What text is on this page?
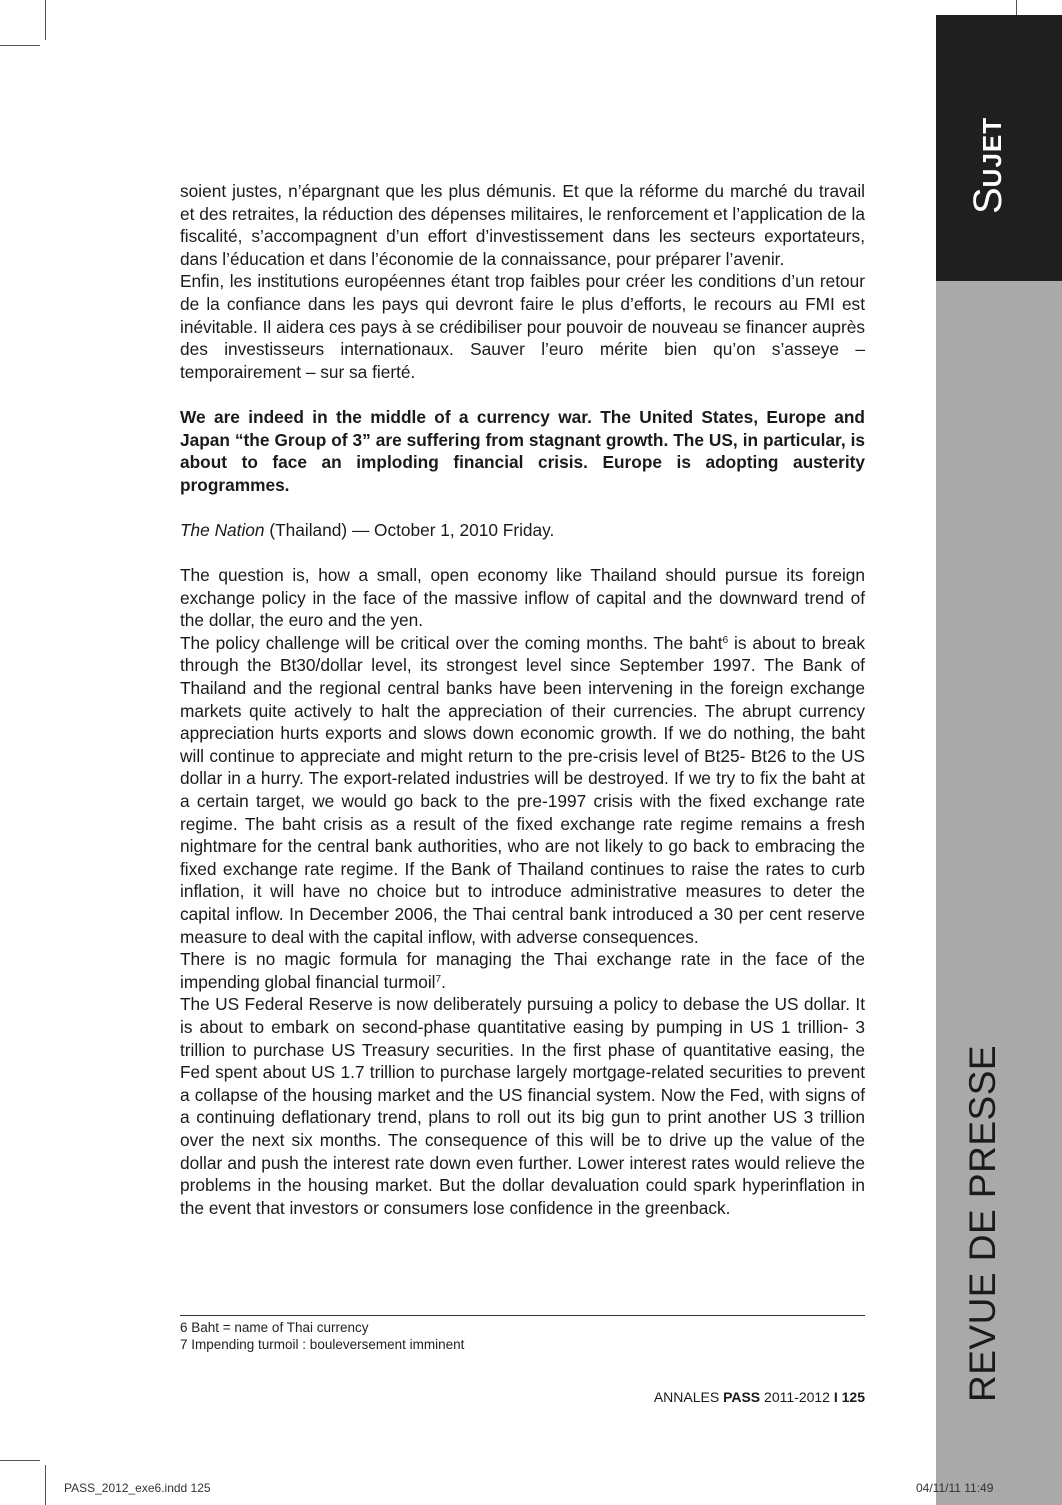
SUJET
REVUE DE PRESSE

soient justes, n’épargnant que les plus démunis. Et que la réforme du marché du travail et des retraites, la réduction des dépenses militaires, le renforcement et l’application de la fiscalité, s’accompagnent d’un effort d’investissement dans les secteurs exportateurs, dans l’éducation et dans l’économie de la connaissance, pour préparer l’avenir.

Enfin, les institutions européennes étant trop faibles pour créer les conditions d’un retour de la confiance dans les pays qui devront faire le plus d’efforts, le recours au FMI est inévitable. Il aidera ces pays à se crédibiliser pour pouvoir de nouveau se financer auprès des investisseurs internationaux. Sauver l’euro mérite bien qu’on s’asseye – temporairement – sur sa fierté.

We are indeed in the middle of a currency war. The United States, Europe and Japan “the Group of 3” are suffering from stagnant growth. The US, in particular, is about to face an imploding financial crisis. Europe is adopting austerity programmes.

The Nation (Thailand) — October 1, 2010 Friday.

The question is, how a small, open economy like Thailand should pursue its foreign exchange policy in the face of the massive inflow of capital and the downward trend of the dollar, the euro and the yen.

The policy challenge will be critical over the coming months. The baht$^6$ is about to break through the Bt30/dollar level, its strongest level since September 1997. The Bank of Thailand and the regional central banks have been intervening in the foreign exchange markets quite actively to halt the appreciation of their currencies. The abrupt currency appreciation hurts exports and slows down economic growth. If we do nothing, the baht will continue to appreciate and might return to the pre-crisis level of Bt25- Bt26 to the US dollar in a hurry. The export-related industries will be destroyed. If we try to fix the baht at a certain target, we would go back to the pre-1997 crisis with the fixed exchange rate regime. The baht crisis as a result of the fixed exchange rate regime remains a fresh nightmare for the central bank authorities, who are not likely to go back to embracing the fixed exchange rate regime. If the Bank of Thailand continues to raise the rates to curb inflation, it will have no choice but to introduce administrative measures to deter the capital inflow. In December 2006, the Thai central bank introduced a 30 per cent reserve measure to deal with the capital inflow, with adverse consequences.

There is no magic formula for managing the Thai exchange rate in the face of the impending global financial turmoil$^7$.

The US Federal Reserve is now deliberately pursuing a policy to debase the US dollar. It is about to embark on second-phase quantitative easing by pumping in US 1 trillion- 3 trillion to purchase US Treasury securities. In the first phase of quantitative easing, the Fed spent about US 1.7 trillion to purchase largely mortgage-related securities to prevent a collapse of the housing market and the US financial system. Now the Fed, with signs of a continuing deflationary trend, plans to roll out its big gun to print another US 3 trillion over the next six months. The consequence of this will be to drive up the value of the dollar and push the interest rate down even further. Lower interest rates would relieve the problems in the housing market. But the dollar devaluation could spark hyperinflation in the event that investors or consumers lose confidence in the greenback.

6 Baht = name of Thai currency

7 Impending turmoil : bouleversement imminent

ANNALES PASS 2011-2012 I 125
PASS_2012_exe6.indd 125	04/11/11 11:49
